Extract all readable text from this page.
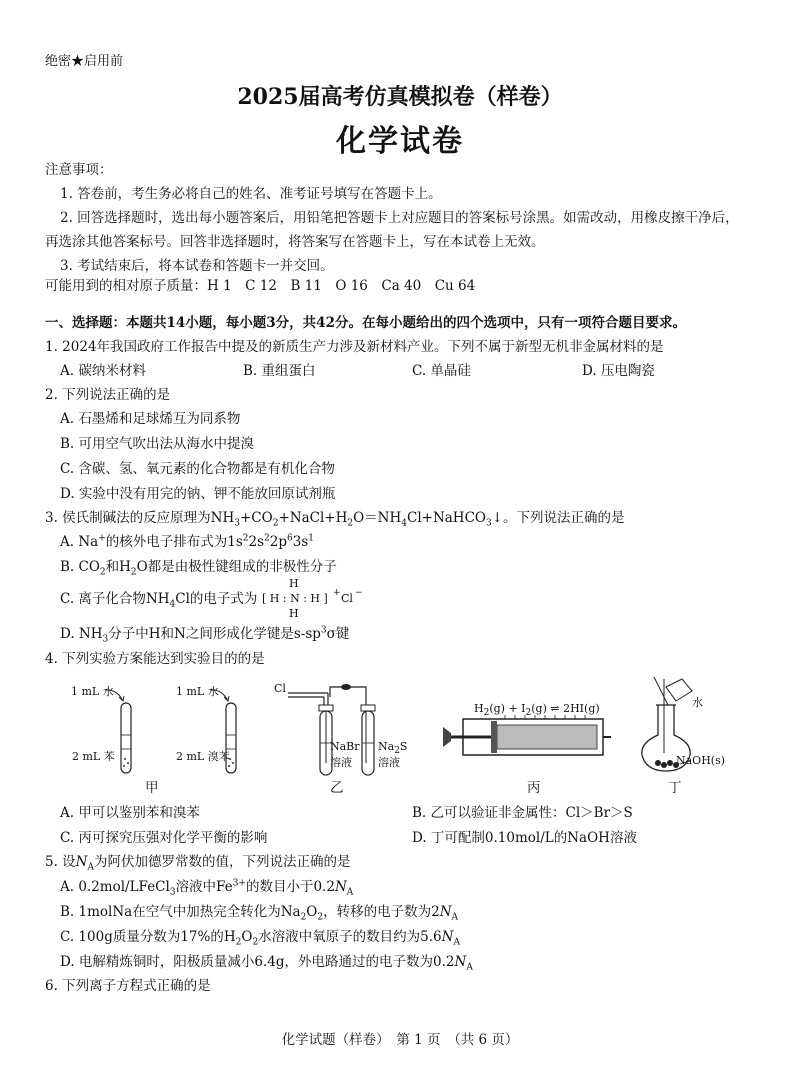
绝密★启用前
2025届高考仿真模拟卷（样卷）
化学试卷
注意事项：
1. 答卷前，考生务必将自己的姓名、准考证号填写在答题卡上。
2. 回答选择题时，选出每小题答案后，用铅笔把答题卡上对应题目的答案标号涂黑。如需改动，用橡皮擦干净后，
再选涂其他答案标号。回答非选择题时，将答案写在答题卡上，写在本试卷上无效。
3. 考试结束后，将本试卷和答题卡一并交回。
可能用到的相对原子质量：H 1　C 12　B 11　O 16　Ca 40　Cu 64
一、选择题：本题共14小题，每小题3分，共42分。在每小题给出的四个选项中，只有一项符合题目要求。
1. 2024年我国政府工作报告中提及的新质生产力涉及新材料产业。下列不属于新型无机非金属材料的是
A. 碳纳米材料	B. 重组蛋白	C. 单晶硅	D. 压电陶瓷
2. 下列说法正确的是
A. 石墨烯和足球烯互为同系物
B. 可用空气吹出法从海水中提溴
C. 含碳、氢、氧元素的化合物都是有机化合物
D. 实验中没有用完的钠、钾不能放回原试剂瓶
3. 侯氏制碱法的反应原理为$NH_3+CO_2+NaCl+H_2O=NH_4Cl+NaHCO_3↓$。下列说法正确的是
A. Na+的核外电子排布式为$1s^22s^22p^63s^1$
B. $CO_2$和$H_2O$都是由极性键组成的非极性分子
C. 离子化合物$NH_4Cl$的电子式为
H
[ H : N : H ] + Cl −
H
D. $NH_3$分子中H和N之间形成化学键是$s-sp^3\sigma$键
4. 下列实验方案能达到实验目的的是
1 mL 水
2 mL 苯
1 mL 水
2 mL 溴苯
甲
Cl
NaBr
溶液
$Na_2S$
溶液
乙
$H_2(g) + I_2(g)$ ⇌ 2HI(g)
丙
水
NaOH(s)
丁
A. 甲可以鉴别苯和溴苯	B. 乙可以验证非金属性：Cl＞Br＞S
C. 丙可探究压强对化学平衡的影响	D. 丁可配制0.10mol/L的NaOH溶液
5. 设$N_A$为阿伏加德罗常数的值，下列说法正确的是
A. 0.2mol/LFeCl$_3$溶液中$Fe^{3+}$的数目小于$0.2N_A$
B. 1molNa在空气中加热完全转化为$Na_2O_2$，转移的电子数为$2N_A$
C. 100g质量分数为17%的$H_2O_2$水溶液中氧原子的数目约为$5.6N_A$
D. 电解精炼铜时，阳极质量减小6.4g，外电路通过的电子数为$0.2N_A$
6. 下列离子方程式正确的是
化学试题（样卷）　第 1 页　（共 6 页）
